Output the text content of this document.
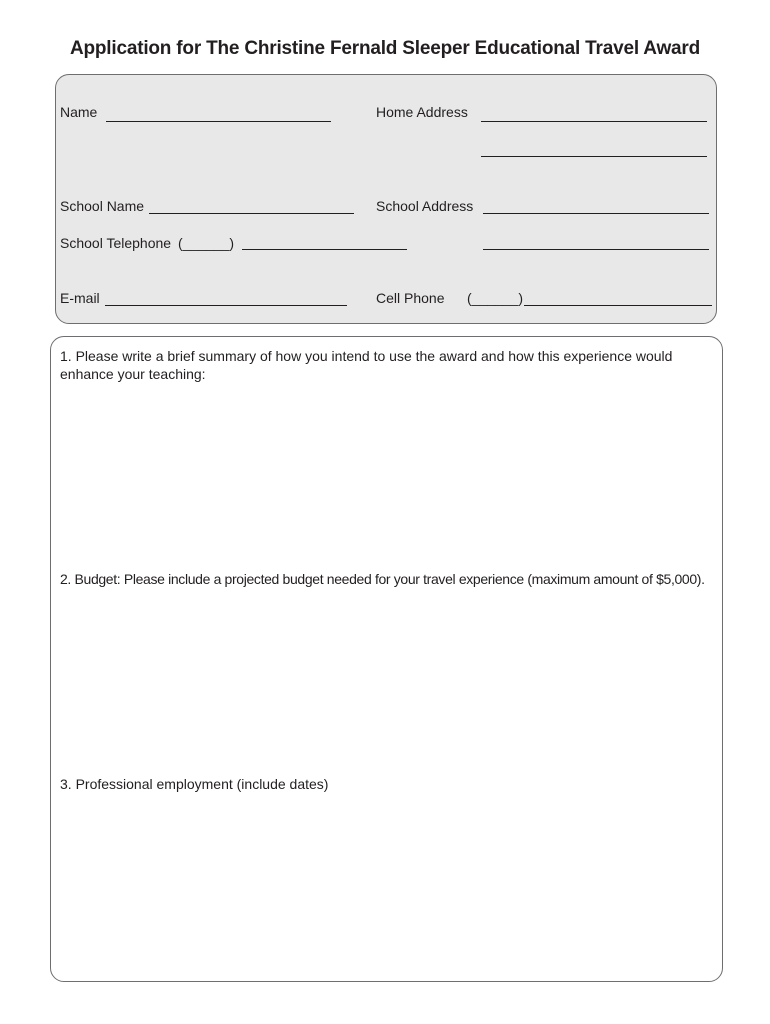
Application for The Christine Fernald Sleeper Educational Travel Award
Name	Home Address
School Name	School Address
School Telephone (______)
E-mail	Cell Phone (______)
1. Please write a brief summary of how you intend to use the award and how this experience would enhance your teaching:
2. Budget: Please include a projected budget needed for your travel experience (maximum amount of $5,000).
3. Professional employment (include dates)
